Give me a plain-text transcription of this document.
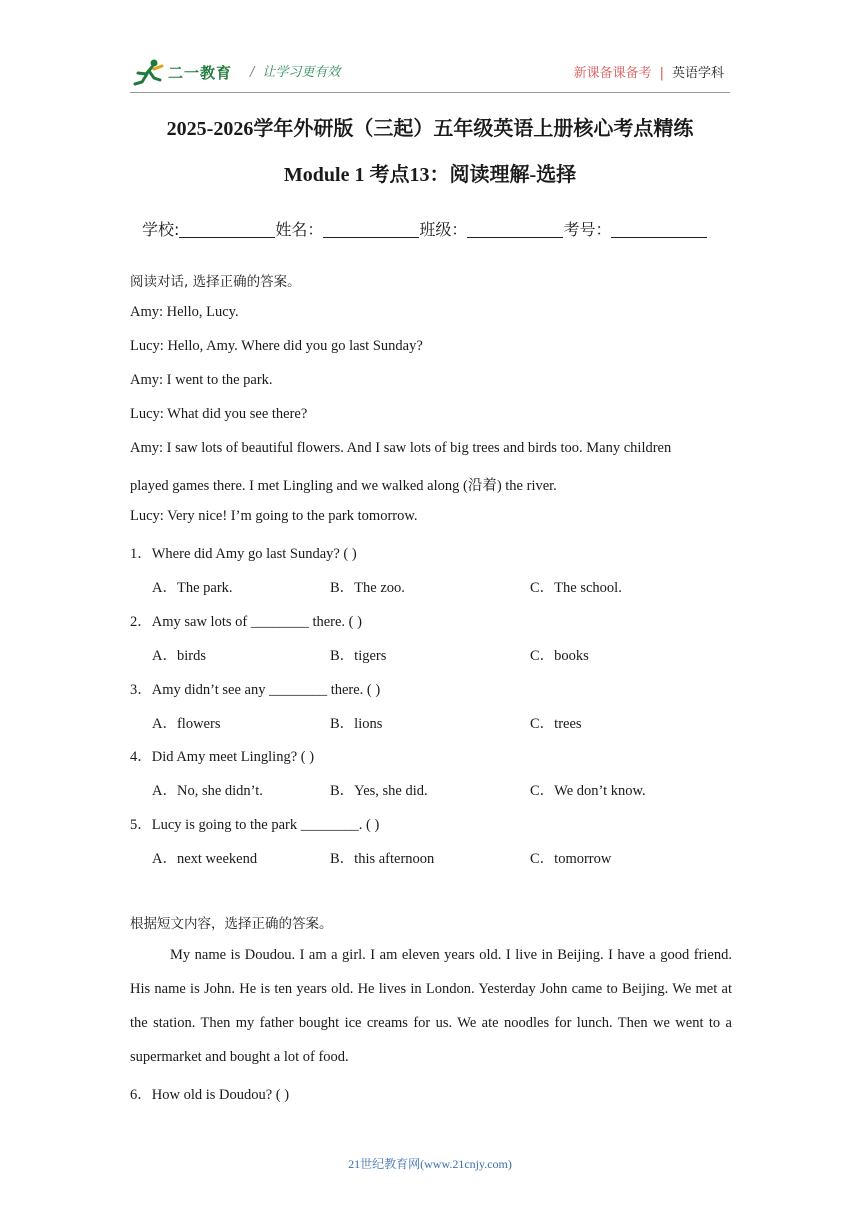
二一教育 / 让学习更有效	新课备课备考 | 英语学科
2025-2026学年外研版（三起）五年级英语上册核心考点精练
Module 1 考点13：阅读理解-选择
学校:	姓名：	班级：	考号：
阅读对话, 选择正确的答案。
Amy: Hello, Lucy.
Lucy: Hello, Amy. Where did you go last Sunday?
Amy: I went to the park.
Lucy: What did you see there?
Amy: I saw lots of beautiful flowers. And I saw lots of big trees and birds too. Many children
played games there. I met Lingling and we walked along (沿着) the river.
Lucy: Very nice! I’m going to the park tomorrow.
1．Where did Amy go last Sunday? ( )
A．The park.	B．The zoo.	C．The school.
2．Amy saw lots of ________ there. ( )
A．birds	B．tigers	C．books
3．Amy didn’t see any ________ there. ( )
A．flowers	B．lions	C．trees
4．Did Amy meet Lingling? ( )
A．No, she didn’t.	B．Yes, she did.	C．We don’t know.
5．Lucy is going to the park ________. ( )
A．next weekend	B．this afternoon	C．tomorrow
根据短文内容，选择正确的答案。
My name is Doudou. I am a girl. I am eleven years old. I live in Beijing. I have a good friend. His name is John. He is ten years old. He lives in London. Yesterday John came to Beijing. We met at the station. Then my father bought ice creams for us. We ate noodles for lunch. Then we went to a supermarket and bought a lot of food.
6．How old is Doudou? ( )
21世纪教育网(www.21cnjy.com)
